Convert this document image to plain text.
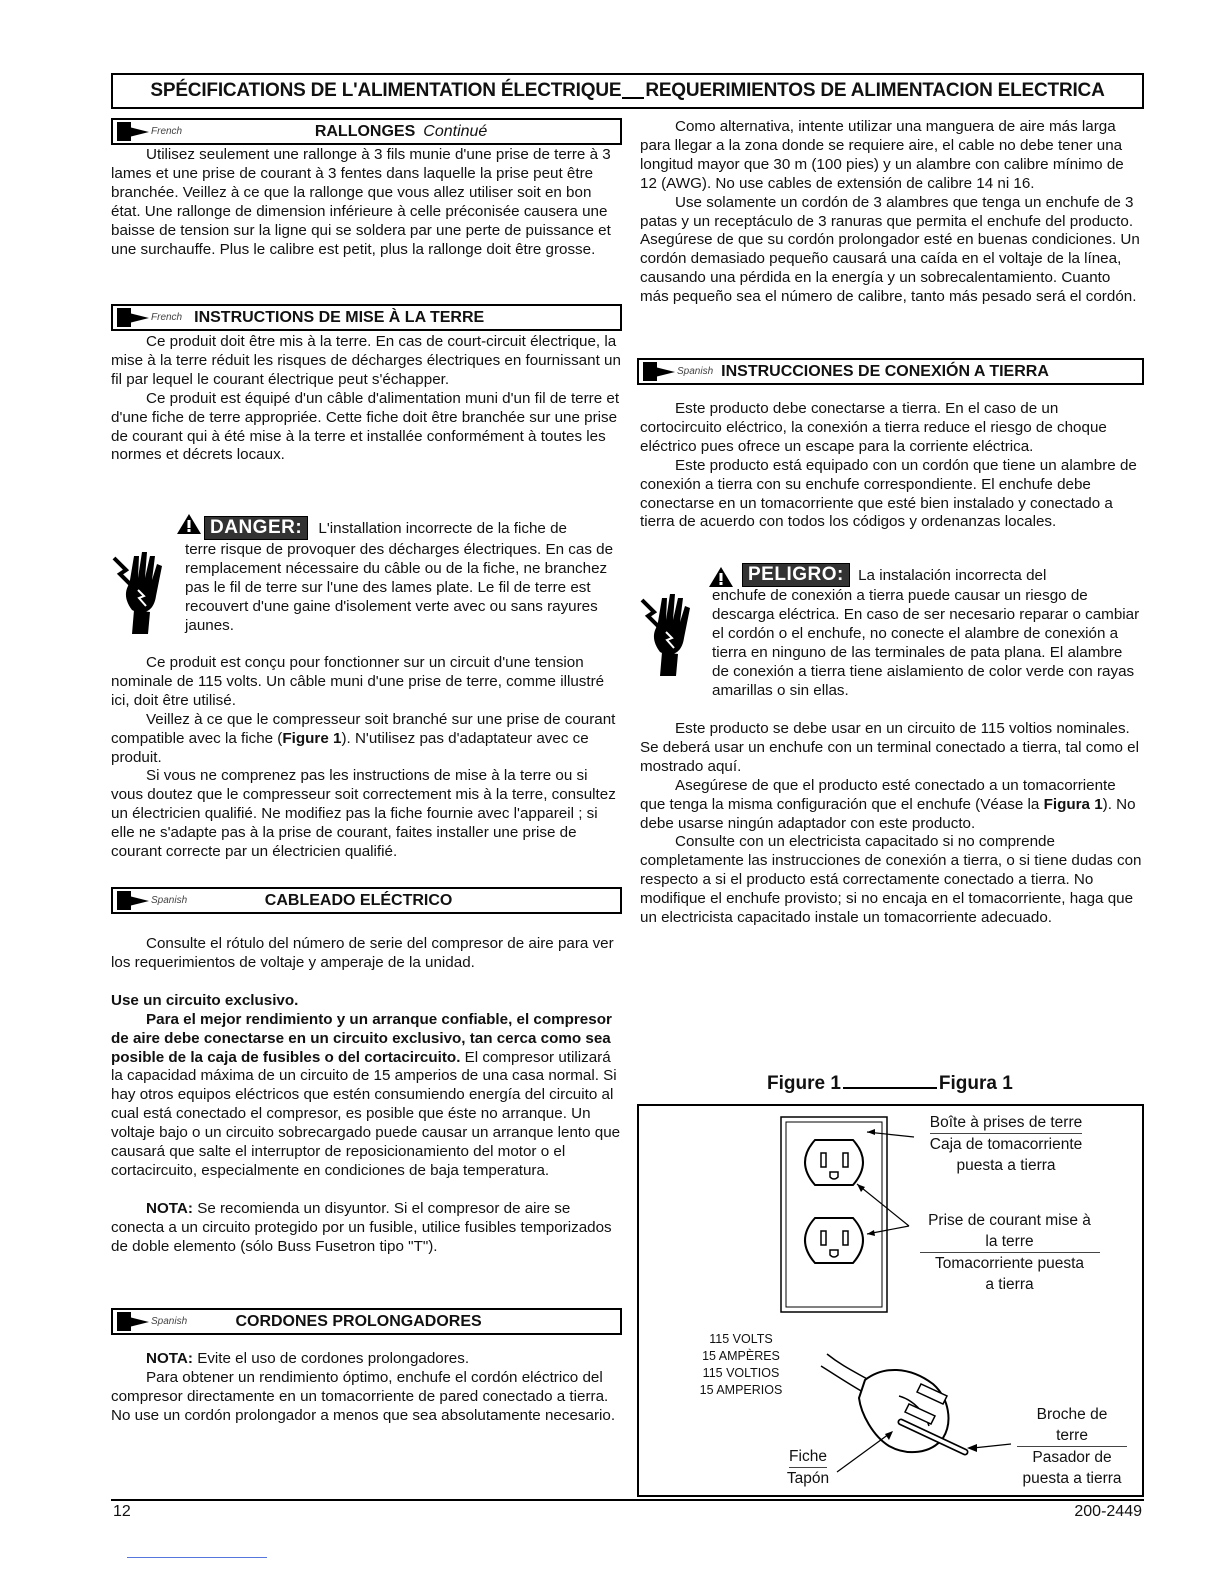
SPÉCIFICATIONS DE L'ALIMENTATION ÉLECTRIQUE REQUERIMIENTOS DE ALIMENTACION ELECTRICA
French	RALLONGES Continué

Utilisez seulement une rallonge à 3 fils munie d'une prise de terre à 3 lames et une prise de courant à 3 fentes dans laquelle la prise peut être branchée. Veillez à ce que la rallonge que vous allez utiliser soit en bon état. Une rallonge de dimension inférieure à celle préconisée causera une baisse de tension sur la ligne qui se soldera par une perte de puissance et une surchauffe. Plus le calibre est petit, plus la rallonge doit être grosse.

French INSTRUCTIONS DE MISE À LA TERRE

Ce produit doit être mis à la terre. En cas de court-circuit électrique, la mise à la terre réduit les risques de décharges électriques en fournissant un fil par lequel le courant électrique peut s'échapper.

Ce produit est équipé d'un câble d'alimentation muni d'un fil de terre et d'une fiche de terre appropriée. Cette fiche doit être branchée sur une prise de courant qui à été mise à la terre et installée conformément à toutes les normes et décrets locaux.

DANGER: L'installation incorrecte de la fiche de

terre risque de provoquer des décharges électriques. En cas de remplacement nécessaire du câble ou de la fiche, ne branchez pas le fil de terre sur l'une des lames plate. Le fil de terre est recouvert d'une gaine d'isolement verte avec ou sans rayures jaunes.

Ce produit est conçu pour fonctionner sur un circuit d'une tension nominale de 115 volts. Un câble muni d'une prise de terre, comme illustré ici, doit être utilisé.

Veillez à ce que le compresseur soit branché sur une prise de courant compatible avec la fiche (Figure 1). N'utilisez pas d'adaptateur avec ce produit.

Si vous ne comprenez pas les instructions de mise à la terre ou si vous doutez que le compresseur soit correctement mis à la terre, consultez un électricien qualifié. Ne modifiez pas la fiche fournie avec l'appareil ; si elle ne s'adapte pas à la prise de courant, faites installer une prise de courant correcte par un électricien qualifié.

Spanish	CABLEADO ELÉCTRICO

Consulte el rótulo del número de serie del compresor de aire para ver los requerimientos de voltaje y amperaje de la unidad.

Use un circuito exclusivo.

Para el mejor rendimiento y un arranque confiable, el compresor de aire debe conectarse en un circuito exclusivo, tan cerca como sea posible de la caja de fusibles o del cortacircuito. El compresor utilizará la capacidad máxima de un circuito de 15 amperios de una casa normal. Si hay otros equipos eléctricos que estén consumiendo energía del circuito al cual está conectado el compresor, es posible que éste no arranque. Un voltaje bajo o un circuito sobrecargado puede causar un arranque lento que causará que salte el interruptor de reposicionamiento del motor o el cortacircuito, especialmente en condiciones de baja temperatura.

NOTA: Se recomienda un disyuntor. Si el compresor de aire se conecta a un circuito protegido por un fusible, utilice fusibles temporizados de doble elemento (sólo Buss Fusetron tipo "T").

Spanish	CORDONES PROLONGADORES

NOTA: Evite el uso de cordones prolongadores.

Para obtener un rendimiento óptimo, enchufe el cordón eléctrico del compresor directamente en un tomacorriente de pared conectado a tierra. No use un cordón prolongador a menos que sea absolutamente necesario.

Como alternativa, intente utilizar una manguera de aire más larga para llegar a la zona donde se requiere aire, el cable no debe tener una longitud mayor que 30 m (100 pies) y un alambre con calibre mínimo de 12 (AWG). No use cables de extensión de calibre 14 ni 16.

Use solamente un cordón de 3 alambres que tenga un enchufe de 3 patas y un receptáculo de 3 ranuras que permita el enchufe del producto. Asegúrese de que su cordón prolongador esté en buenas condiciones. Un cordón demasiado pequeño causará una caída en el voltaje de la línea, causando una pérdida en la energía y un sobrecalentamiento. Cuanto más pequeño sea el número de calibre, tanto más pesado será el cordón.

Spanish INSTRUCCIONES DE CONEXIÓN A TIERRA

Este producto debe conectarse a tierra. En el caso de un cortocircuito eléctrico, la conexión a tierra reduce el riesgo de choque eléctrico pues ofrece un escape para la corriente eléctrica.

Este producto está equipado con un cordón que tiene un alambre de conexión a tierra con su enchufe correspondiente. El enchufe debe conectarse en un tomacorriente que esté bien instalado y conectado a tierra de acuerdo con todos los códigos y ordenanzas locales.

PELIGRO: La instalación incorrecta del

enchufe de conexión a tierra puede causar un riesgo de descarga eléctrica. En caso de ser necesario reparar o cambiar el cordón o el enchufe, no conecte el alambre de conexión a tierra en ninguno de las terminales de pata plana. El alambre de conexión a tierra tiene aislamiento de color verde con rayas amarillas o sin ellas.

Este producto se debe usar en un circuito de 115 voltios nominales. Se deberá usar un enchufe con un terminal conectado a tierra, tal como el mostrado aquí.

Asegúrese de que el producto esté conectado a un tomacorriente que tenga la misma configuración que el enchufe (Véase la Figura 1). No debe usarse ningún adaptador con este producto.

Consulte con un electricista capacitado si no comprende completamente las instrucciones de conexión a tierra, o si tiene dudas con respecto a si el producto está correctamente conectado a tierra. No modifique el enchufe provisto; si no encaja en el tomacorriente, haga que un electricista capacitado instale un tomacorriente adecuado.

Figure 1	Figura 1
Boîte à prises de terre
Caja de tomacorriente
puesta a tierra
Prise de courant mise à
la terre
Tomacorriente puesta
a tierra
115 VOLTS
15 AMPÈRES
115 VOLTIOS
15 AMPERIOS
Broche de
terre
Pasador de
puesta a tierra
Fiche
Tapón
12	200-2449
